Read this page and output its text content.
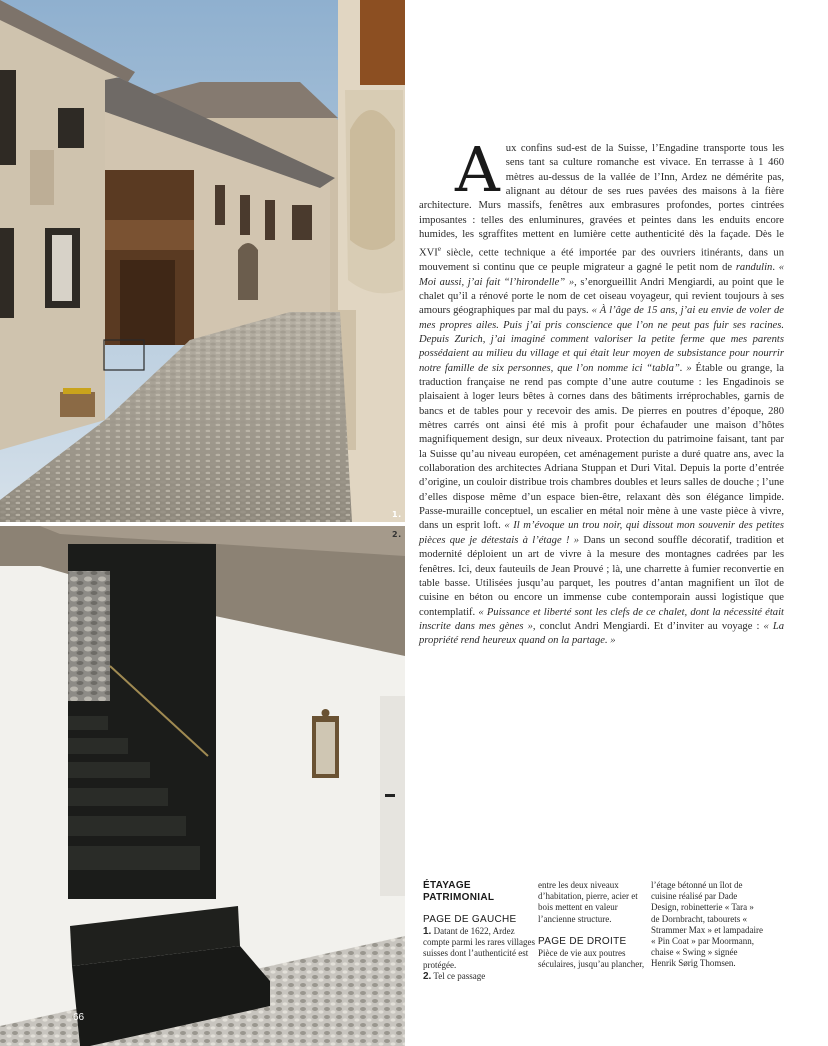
1.
2.
66
A ux confins sud-est de la Suisse, l’Engadine transporte tous les sens tant sa culture romanche est vivace. En terrasse à 1 460 mètres au-dessus de la vallée de l’Inn, Ardez ne démérite pas, alignant au détour de ses rues pavées des maisons à la fière architecture. Murs massifs, fenêtres aux embrasures profondes, portes cintrées imposantes : telles des enluminures, gravées et peintes dans les enduits encore humides, les sgraffites mettent en lumière cette authenticité dès la façade. Dès le XVIe siècle, cette technique a été importée par des ouvriers itinérants, dans un mouvement si continu que ce peuple migrateur a gagné le petit nom de randulin. « Moi aussi, j’ai fait “l’hirondelle” », s’enorgueillit Andri Mengiardi, au point que le chalet qu’il a rénové porte le nom de cet oiseau voyageur, qui revient toujours à ses amours géographiques par mal du pays. « À l’âge de 15 ans, j’ai eu envie de voler de mes propres ailes. Puis j’ai pris conscience que l’on ne peut pas fuir ses racines. Depuis Zurich, j’ai imaginé comment valoriser la petite ferme que mes parents possédaient au milieu du village et qui était leur moyen de subsistance pour nourrir notre famille de six personnes, que l’on nomme ici “tabla”. » Étable ou grange, la traduction française ne rend pas compte d’une autre coutume : les Engadinois se plaisaient à loger leurs bêtes à cornes dans des bâtiments irréprochables, garnis de bancs et de tables pour y recevoir des amis. De pierres en poutres d’époque, 280 mètres carrés ont ainsi été mis à profit pour échafauder une maison d’hôtes magnifiquement design, sur deux niveaux. Protection du patrimoine faisant, tant par la Suisse qu’au niveau européen, cet aménagement puriste a duré quatre ans, avec la collaboration des architectes Adriana Stuppan et Duri Vital. Depuis la porte d’entrée d’origine, un couloir distribue trois chambres doubles et leurs salles de douche ; l’une d’elles dispose même d’un espace bien-être, relaxant dès son élégance limpide. Passe-muraille conceptuel, un escalier en métal noir mène à une vaste pièce à vivre, dans un esprit loft. « Il m’évoque un trou noir, qui dissout mon souvenir des petites pièces que je détestais à l’étage ! » Dans un second souffle décoratif, tradition et modernité déploient un art de vivre à la mesure des montagnes cadrées par les fenêtres. Ici, deux fauteuils de Jean Prouvé ; là, une charrette à fumier reconvertie en table basse. Utilisées jusqu’au parquet, les poutres d’antan magnifient un îlot de cuisine en béton ou encore un immense cube contemporain aussi logistique que contemplatif. « Puissance et liberté sont les clefs de ce chalet, dont la nécessité était inscrite dans mes gènes », conclut Andri Mengiardi. Et d’inviter au voyage : « La propriété rend heureux quand on la partage. »

ÉTAYAGE PATRIMONIAL
PAGE DE GAUCHE

1. Datant de 1622, Ardez compte parmi les rares villages suisses dont l’authenticité est protégée.

2. Tel ce passage

entre les deux niveaux d’habitation, pierre, acier et bois mettent en valeur l’ancienne structure.

PAGE DE DROITE

Pièce de vie aux poutres séculaires, jusqu’au plancher,

l’étage bétonné un îlot de cuisine réalisé par Dade Design, robinetterie « Tara » de Dornbracht, tabourets « Strammer Max » et lampadaire « Pin Coat » par Moormann, chaise « Swing » signée Henrik Sørig Thomsen.
